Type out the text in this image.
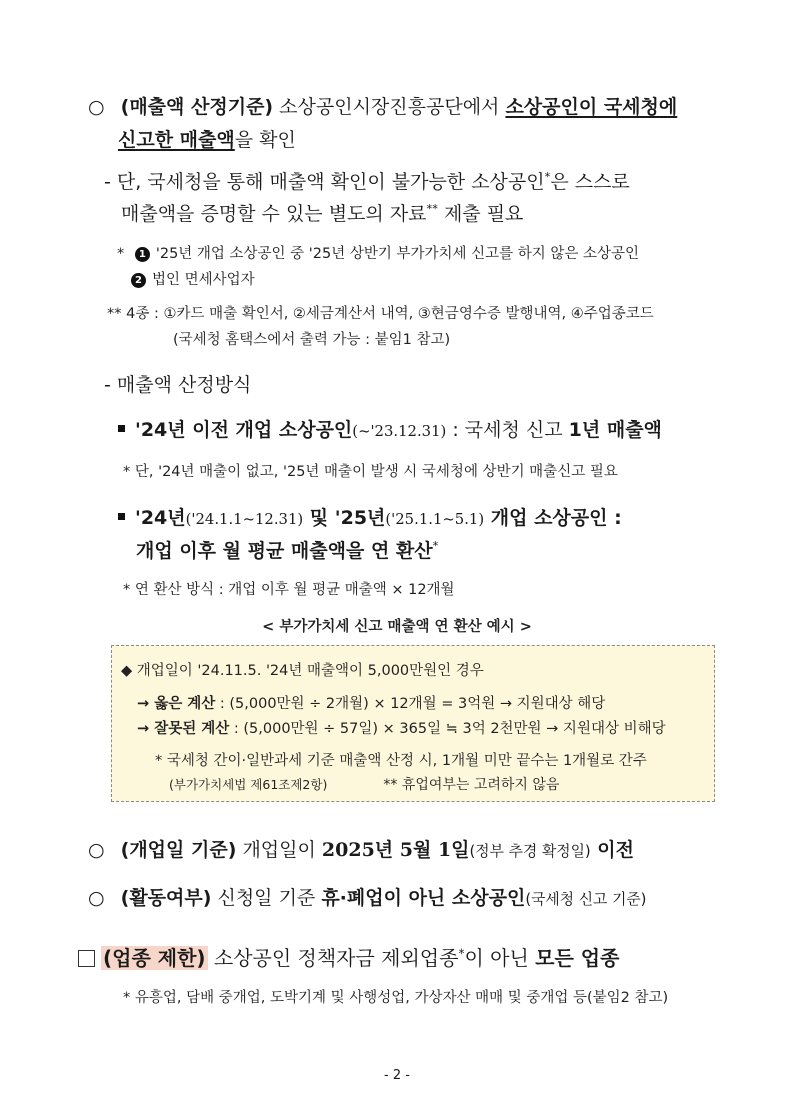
○ (매출액 산정기준) 소상공인시장진흥공단에서 소상공인이 국세청에
신고한 매출액을 확인
- 단, 국세청을 통해 매출액 확인이 불가능한 소상공인*은 스스로
매출액을 증명할 수 있는 별도의 자료** 제출 필요
* 1 '25년 개업 소상공인 중 '25년 상반기 부가가치세 신고를 하지 않은 소상공인
2 법인 면세사업자
** 4종 : ①카드 매출 확인서, ②세금계산서 내역, ③현금영수증 발행내역, ④주업종코드
(국세청 홈택스에서 출력 가능 : 붙임1 참고)
- 매출액 산정방식
'24년 이전 개업 소상공인(~'23.12.31) : 국세청 신고 1년 매출액
* 단, '24년 매출이 없고, '25년 매출이 발생 시 국세청에 상반기 매출신고 필요
'24년('24.1.1~12.31) 및 '25년('25.1.1~5.1) 개업 소상공인 :
개업 이후 월 평균 매출액을 연 환산*
* 연 환산 방식 : 개업 이후 월 평균 매출액 × 12개월
< 부가가치세 신고 매출액 연 환산 예시 >
◆ 개업일이 '24.11.5. '24년 매출액이 5,000만원인 경우
→ 옳은 계산 : (5,000만원 ÷ 2개월) × 12개월 = 3억원 → 지원대상 해당
→ 잘못된 계산 : (5,000만원 ÷ 57일) × 365일 ≒ 3억 2천만원 → 지원대상 비해당
* 국세청 간이·일반과세 기준 매출액 산정 시, 1개월 미만 끝수는 1개월로 간주
(부가가치세법 제61조제2항)	** 휴업여부는 고려하지 않음
○ (개업일 기준) 개업일이 2025년 5월 1일(정부 추경 확정일) 이전
○ (활동여부) 신청일 기준 휴·폐업이 아닌 소상공인(국세청 신고 기준)
(업종 제한) 소상공인 정책자금 제외업종*이 아닌 모든 업종
* 유흥업, 담배 중개업, 도박기계 및 사행성업, 가상자산 매매 및 중개업 등(붙임2 참고)
- 2 -
